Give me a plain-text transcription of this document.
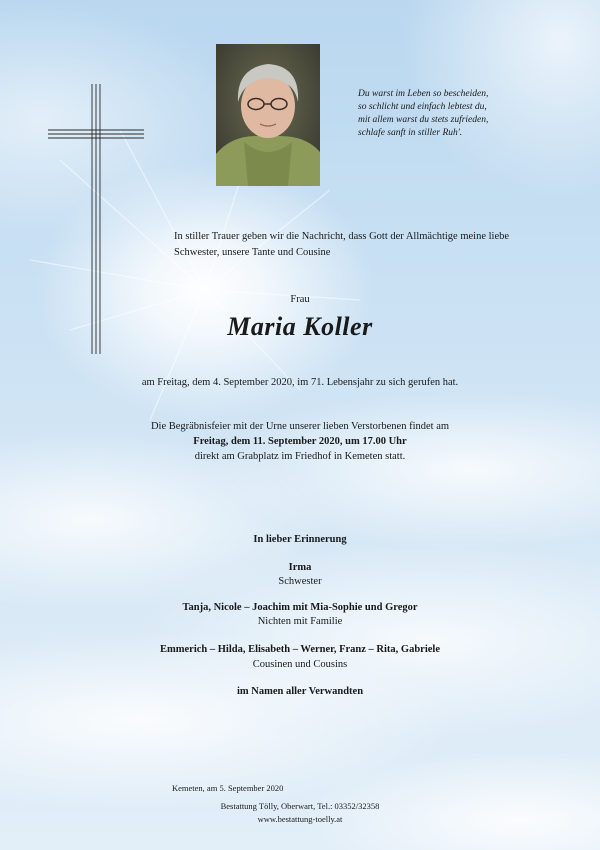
Du warst im Leben so bescheiden,
so schlicht und einfach lebtest du,
mit allem warst du stets zufrieden,
schlafe sanft in stiller Ruh'.

In stiller Trauer geben wir die Nachricht, dass Gott der Allmächtige meine liebe Schwester, unsere Tante und Cousine

Frau
Maria Koller
am Freitag, dem 4. September 2020, im 71. Lebensjahr zu sich gerufen hat.
Die Begräbnisfeier mit der Urne unserer lieben Verstorbenen findet am
Freitag, dem 11. September 2020, um 17.00 Uhr
direkt am Grabplatz im Friedhof in Kemeten statt.
In lieber Erinnerung
Irma
Schwester
Tanja, Nicole – Joachim mit Mia-Sophie und Gregor
Nichten mit Familie
Emmerich – Hilda, Elisabeth – Werner, Franz – Rita, Gabriele
Cousinen und Cousins
im Namen aller Verwandten
Kemeten, am 5. September 2020
Bestattung Tölly, Oberwart, Tel.: 03352/32358
www.bestattung-toelly.at
